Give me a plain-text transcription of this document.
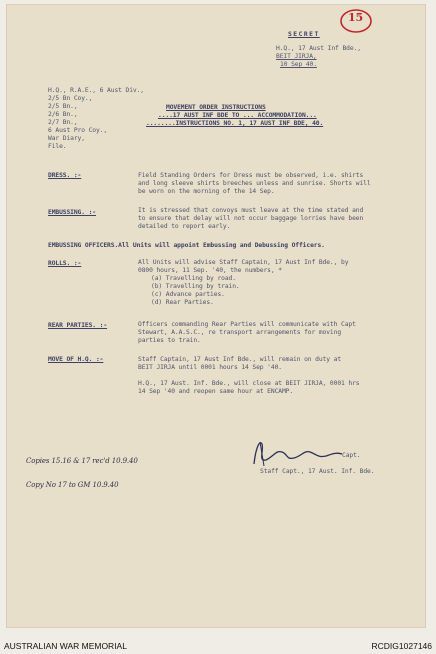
15
SECRET
H.Q., 17 Aust Inf Bde.,
BEIT JIRJA,
10 Sep 40.
H.Q., R.A.E., 6 Aust Div.,
2/5 Bn Coy.,
2/5 Bn.,
2/6 Bn.,
2/7 Bn.,
6 Aust Pro Coy.,
War Diary,
File.
MOVEMENT ORDER INSTRUCTIONS
....17 AUST INF BDE TO ... ACCOMMODATION...
........INSTRUCTIONS NO. 1, 17 AUST INF BDE, 40.
DRESS. :-	Field Standing Orders for Dress must be observed, i.e. shirts
and long sleeve shirts breeches unless and sunrise. Shorts will
be worn on the morning of the 14 Sep.
EMBUSSING. :-	It is stressed that convoys must leave at the time stated and
to ensure that delay will not occur baggage lorries have been
detailed to report early.
EMBUSSING OFFICERS.All Units will appoint Embussing and Debussing Officers.
ROLLS. :-	All Units will advise Staff Captain, 17 Aust Inf Bde., by
0800 hours, 11 Sep. '40, the numbers, *
(a) Travelling by road.
(b) Travelling by train.
(c) Advance parties.
(d) Rear Parties.
REAR PARTIES. :-	Officers commanding Rear Parties will communicate with Capt
Stewart, A.A.S.C., re transport arrangements for moving
parties to train.
MOVE OF H.Q. :-	Staff Captain, 17 Aust Inf Bde., will remain on duty at
BEIT JIRJA until 0001 hours 14 Sep '40.
H.Q., 17 Aust. Inf. Bde., will close at BEIT JIRJA, 0001 hrs
14 Sep '40 and reopen same hour at ENCAMP.
Capt.
Staff Capt., 17 Aust. Inf. Bde.
Copies 15.16 & 17 rec'd 10.9.40
Copy No 17 to GM 10.9.40
AUSTRALIAN WAR MEMORIAL	RCDIG1027146
